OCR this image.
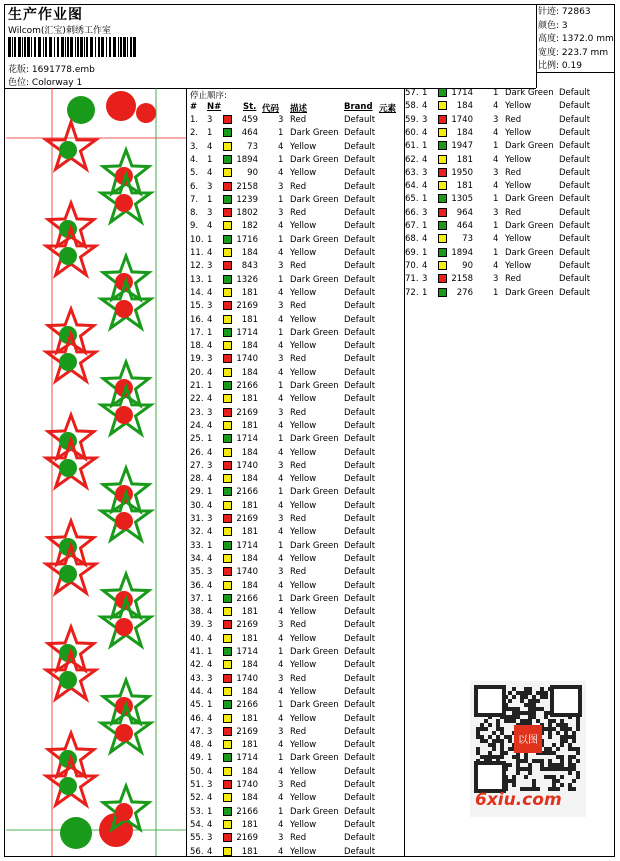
生产作业图
Wilcom(汇宝)刺绣工作室
花版: 1691778.emb
色位: Colorway 1
针迹: 72863
颜色: 3
高度: 1372.0 mm
宽度: 223.7 mm
比例: 0.19
停止顺序:
# N#	St. 代码 描述	Brand 元素
1. 3	459 3 Red	Default
2. 1	464 1 Dark Green Default
3. 4	73 4 Yellow	Default
4. 1	1894 1 Dark Green Default
5. 4	90 4 Yellow	Default
6. 3	2158 3 Red	Default
7. 1	1239 1 Dark Green Default
8. 3	1802 3 Red	Default
9. 4	182 4 Yellow	Default
10. 1	1716 1 Dark Green Default
11. 4	184 4 Yellow	Default
12. 3	843 3 Red	Default
13. 1	1326 1 Dark Green Default
14. 4	181 4 Yellow	Default
15. 3	2169 3 Red	Default
16. 4	181 4 Yellow	Default
17. 1	1714 1 Dark Green Default
18. 4	184 4 Yellow	Default
19. 3	1740 3 Red	Default
20. 4	184 4 Yellow	Default
21. 1	2166 1 Dark Green Default
22. 4	181 4 Yellow	Default
23. 3	2169 3 Red	Default
24. 4	181 4 Yellow	Default
25. 1	1714 1 Dark Green Default
26. 4	184 4 Yellow	Default
27. 3	1740 3 Red	Default
28. 4	184 4 Yellow	Default
29. 1	2166 1 Dark Green Default
30. 4	181 4 Yellow	Default
31. 3	2169 3 Red	Default
32. 4	181 4 Yellow	Default
33. 1	1714 1 Dark Green Default
34. 4	184 4 Yellow	Default
35. 3	1740 3 Red	Default
36. 4	184 4 Yellow	Default
37. 1	2166 1 Dark Green Default
38. 4	181 4 Yellow	Default
39. 3	2169 3 Red	Default
40. 4	181 4 Yellow	Default
41. 1	1714 1 Dark Green Default
42. 4	184 4 Yellow	Default
43. 3	1740 3 Red	Default
44. 4	184 4 Yellow	Default
45. 1	2166 1 Dark Green Default
46. 4	181 4 Yellow	Default
47. 3	2169 3 Red	Default
48. 4	181 4 Yellow	Default
49. 1	1714 1 Dark Green Default
50. 4	184 4 Yellow	Default
51. 3	1740 3 Red	Default
52. 4	184 4 Yellow	Default
53. 1	2166 1 Dark Green Default
54. 4	181 4 Yellow	Default
55. 3	2169 3 Red	Default
56. 4	181 4 Yellow	Default
57. 1	1714 1 Dark Green Default
58. 4	184 4 Yellow	Default
59. 3	1740 3 Red	Default
60. 4	184 4 Yellow	Default
61. 1	1947 1 Dark Green Default
62. 4	181 4 Yellow	Default
63. 3	1950 3 Red	Default
64. 4	181 4 Yellow	Default
65. 1	1305 1 Dark Green Default
66. 3	964 3 Red	Default
67. 1	464 1 Dark Green Default
68. 4	73 4 Yellow	Default
69. 1	1894 1 Dark Green Default
70. 4	90 4 Yellow	Default
71. 3	2158 3 Red	Default
72. 1	276 1 Dark Green Default
以图
6xiu.com
